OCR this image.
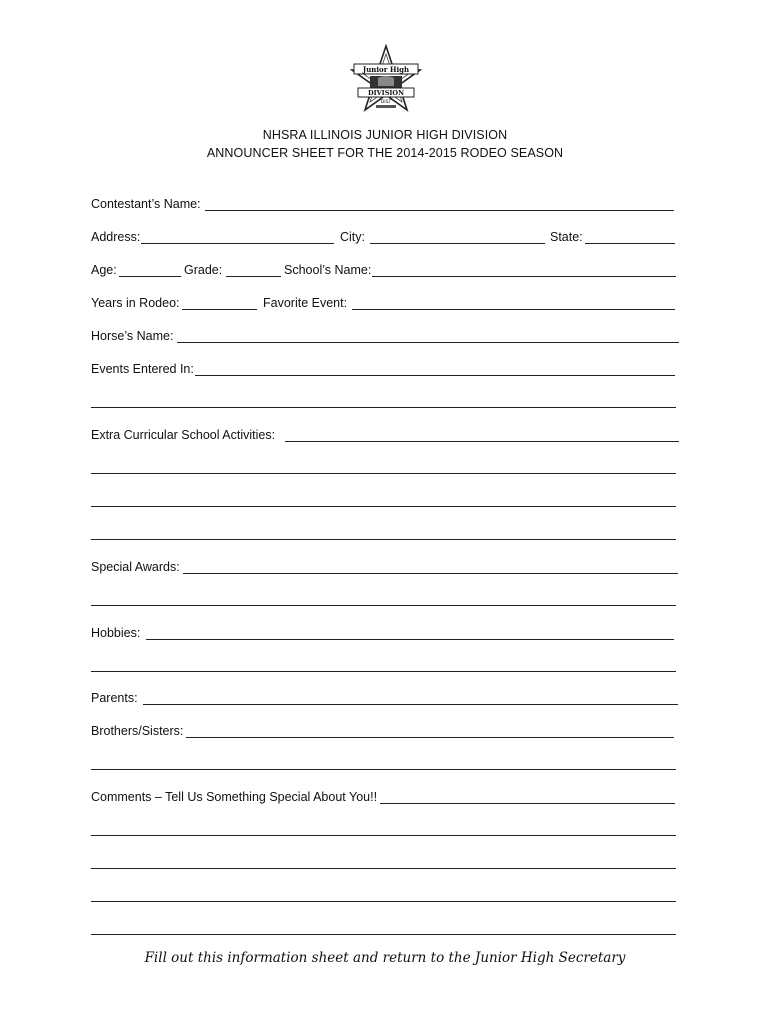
Junior High
DIVISION
DIST
NHSRA ILLINOIS JUNIOR HIGH DIVISION
ANNOUNCER SHEET FOR THE 2014-2015 RODEO SEASON
Contestant’s Name:
Address:	City:	State:
Age:	Grade:	School’s Name:
Years in Rodeo:	Favorite Event:
Horse’s Name:
Events Entered In:
Extra Curricular School Activities:
Special Awards:
Hobbies:
Parents:
Brothers/Sisters:
Comments – Tell Us Something Special About You!!
Fill out this information sheet and return to the Junior High Secretary
